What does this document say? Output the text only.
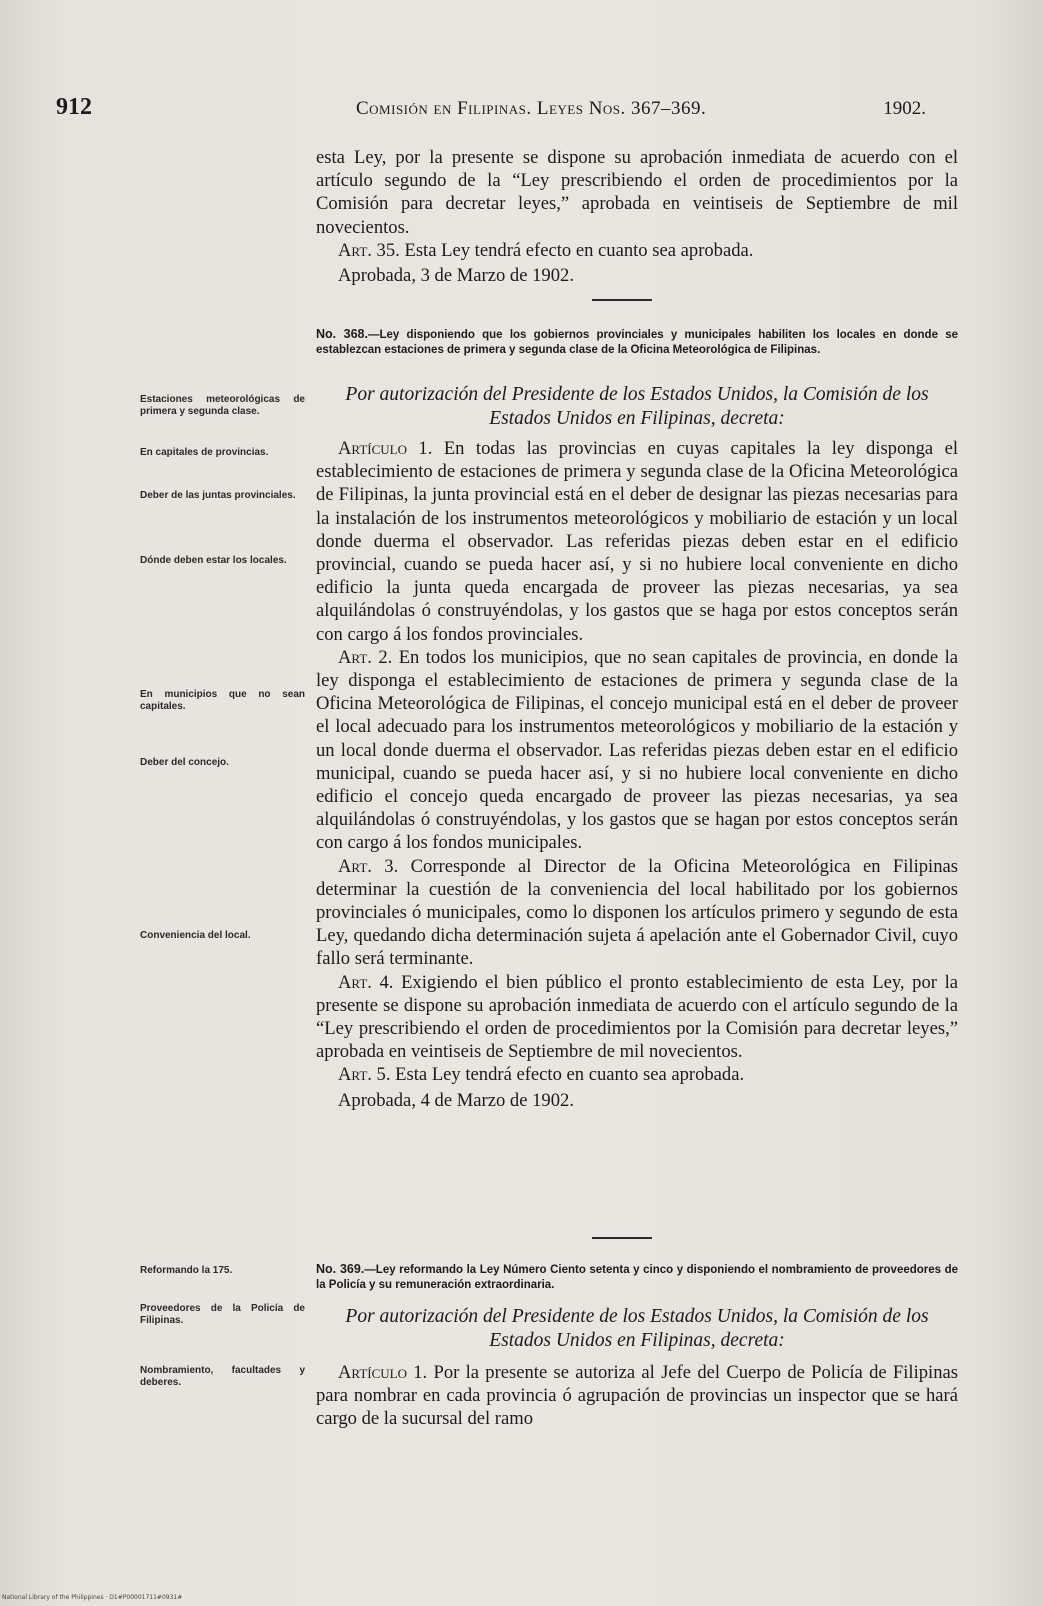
912	Comisión en Filipinas. Leyes Nos. 367–369.	1902.

esta Ley, por la presente se dispone su aprobación inmediata de acuerdo con el artículo segundo de la “Ley prescribiendo el orden de procedimientos por la Comisión para decretar leyes,” aprobada en veintiseis de Septiembre de mil novecientos.

Art. 35. Esta Ley tendrá efecto en cuanto sea aprobada.

Aprobada, 3 de Marzo de 1902.

No. 368.—Ley disponiendo que los gobiernos provinciales y municipales habiliten los locales en donde se establezcan estaciones de primera y segunda clase de la Oficina Meteorológica de Filipinas.
Por autorización del Presidente de los Estados Unidos, la Comisión de los Estados Unidos en Filipinas, decreta:

Artículo 1. En todas las provincias en cuyas capitales la ley disponga el establecimiento de estaciones de primera y segunda clase de la Oficina Meteorológica de Filipinas, la junta provincial está en el deber de designar las piezas necesarias para la instalación de los instrumentos meteorológicos y mobiliario de estación y un local donde duerma el observador. Las referidas piezas deben estar en el edificio provincial, cuando se pueda hacer así, y si no hubiere local conveniente en dicho edificio la junta queda encargada de proveer las piezas necesarias, ya sea alquilándolas ó construyéndolas, y los gastos que se haga por estos conceptos serán con cargo á los fondos provinciales.

Art. 2. En todos los municipios, que no sean capitales de provincia, en donde la ley disponga el establecimiento de estaciones de primera y segunda clase de la Oficina Meteorológica de Filipinas, el concejo municipal está en el deber de proveer el local adecuado para los instrumentos meteorológicos y mobiliario de la estación y un local donde duerma el observador. Las referidas piezas deben estar en el edificio municipal, cuando se pueda hacer así, y si no hubiere local conveniente en dicho edificio el concejo queda encargado de proveer las piezas necesarias, ya sea alquilándolas ó construyéndolas, y los gastos que se hagan por estos conceptos serán con cargo á los fondos municipales.

Art. 3. Corresponde al Director de la Oficina Meteorológica en Filipinas determinar la cuestión de la conveniencia del local habilitado por los gobiernos provinciales ó municipales, como lo disponen los artículos primero y segundo de esta Ley, quedando dicha determinación sujeta á apelación ante el Gobernador Civil, cuyo fallo será terminante.

Art. 4. Exigiendo el bien público el pronto establecimiento de esta Ley, por la presente se dispone su aprobación inmediata de acuerdo con el artículo segundo de la “Ley prescribiendo el orden de procedimientos por la Comisión para decretar leyes,” aprobada en veintiseis de Septiembre de mil novecientos.

Art. 5. Esta Ley tendrá efecto en cuanto sea aprobada.

Aprobada, 4 de Marzo de 1902.

No. 369.—Ley reformando la Ley Número Ciento setenta y cinco y disponiendo el nombramiento de proveedores de la Policía y su remuneración extraordinaria.
Por autorización del Presidente de los Estados Unidos, la Comisión de los Estados Unidos en Filipinas, decreta:

Artículo 1. Por la presente se autoriza al Jefe del Cuerpo de Policía de Filipinas para nombrar en cada provincia ó agrupación de provincias un inspector que se hará cargo de la sucursal del ramo

Estaciones meteorológicas de primera y segunda clase.
En capitales de provincias.
Deber de las juntas provinciales.
Dónde deben estar los locales.
En municipios que no sean capitales.
Deber del concejo.
Conveniencia del local.
Reformando la 175.
Proveedores de la Policía de Filipinas.
Nombramiento, facultades y deberes.
National Library of the Philippines · D1#P00001711#0931#
